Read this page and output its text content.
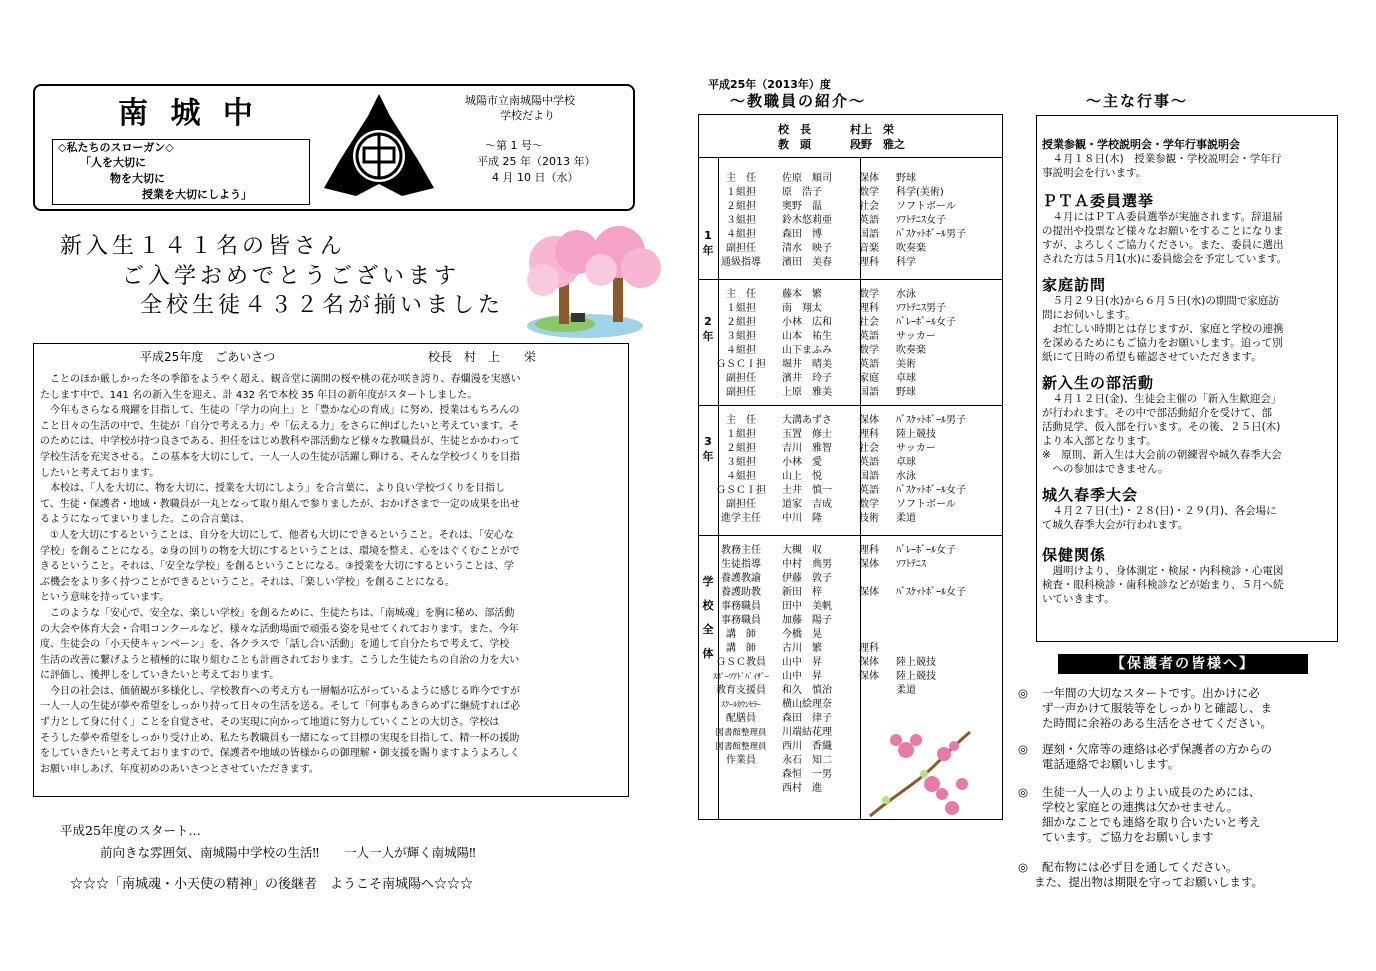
南 城 中
◇私たちのスローガン◇
「人を大切に
物を大切に
授業を大切にしよう」
城陽市立南城陽中学校
学校だより
～第 1 号～
平成 25 年（2013 年）
4 月 10 日（水）
新入生１４１名の皆さん
ご入学おめでとうございます
全校生徒４３２名が揃いました
平成25年度　ごあいさつ	校長　村　上　　栄
　ことのほか厳しかった冬の季節をようやく超え、観音堂に満開の桜や桃の花が咲き誇り、春爛漫を実感い
たします中で、141 名の新入生を迎え、計 432 名で本校 35 年目の新年度がスタートしました。
　今年もさらなる飛躍を目指して、生徒の「学力の向上」と「豊かな心の育成」に努め、授業はもちろんの
こと日々の生活の中で、生徒が「自分で考える力」や「伝える力」をさらに伸ばしたいと考えています。そ
のためには、中学校が持つ良さである、担任をはじめ教科や部活動など様々な教職員が、生徒とかかわって
学校生活を充実させる。この基本を大切にして、一人一人の生徒が活躍し輝ける、そんな学校づくりを目指
したいと考えております。
　本校は、「人を大切に、物を大切に、授業を大切にしよう」を合言葉に、より良い学校づくりを目指し
て、生徒・保護者・地域・教職員が一丸となって取り組んで参りましたが、おかげさまで一定の成果を出せ
るようになってまいりました。この合言葉は、
　①人を大切にするということは、自分を大切にして、他者も大切にできるということ。それは、「安心な
学校」を創ることになる。②身の回りの物を大切にするということは、環境を整え、心をはぐくむことがで
きるということ。それは、「安全な学校」を創るということになる。③授業を大切にするということは、学
ぶ機会をより多く持つことができるということ。それは、「楽しい学校」を創ることになる。
という意味を持っています。
　このような「安心で、安全な、楽しい学校」を創るために、生徒たちは、「南城魂」を胸に秘め、部活動
の大会や体育大会・合唱コンクールなど、様々な活動場面で頑張る姿を見せてくれております。また、今年
度、生徒会の「小天使キャンペーン」を、各クラスで「話し合い活動」を通して自分たちで考えて、学校
生活の改善に繋げようと積極的に取り組むことも計画されております。こうした生徒たちの自治の力を大い
に評価し、後押しをしていきたいと考えております。
　今日の社会は、価値観が多様化し、学校教育への考え方も一層幅が広がっているように感じる昨今ですが
一人一人の生徒が夢や希望をしっかり持って日々の生活を送る。そして「何事もあきらめずに継続すれば必
ず力として身に付く」ことを自覚させ、その実現に向かって地道に努力していくことの大切さ。学校は
そうした夢や希望をしっかり受け止め、私たち教職員も一緒になって目標の実現を目指して、精一杯の援助
をしていきたいと考えておりますので、保護者や地域の皆様からの御理解・御支援を賜りますようよろしく
お願い申しあげ、年度初めのあいさつとさせていただきます。
平成25年度のスタート…
前向きな雰囲気、南城陽中学校の生活‼　　一人一人が輝く南城陽‼
☆☆☆「南城魂・小天使の精神」の後継者　ようこそ南城陽へ☆☆☆
平成25年（2013年）度
～教職員の紹介～
校　長	村上　栄
教　頭	段野　雅之
1 年
主　任	佐原　順司	保体	野球
１組担	原　浩子	数学	科学(美術)
２組担	奥野　温	社会	ソフトボール
３組担	鈴木悠莉亜	英語	ｿﾌﾄﾃﾆｽ女子
４組担	森田　博	国語	ﾊﾞｽｹｯﾄﾎﾞｰﾙ男子
副担任	清水　映子	音楽	吹奏楽
通級指導	濱田　美春	理科	科学
2 年
主　任	藤本　繁	数学	水泳
１組担	南　翔太	理科	ｿﾌﾄﾃﾆｽ男子
２組担	小林　広和	社会	ﾊﾞﾚｰﾎﾞｰﾙ女子
３組担	山本　祐生	英語	サッカー
４組担	山下まふみ	数学	吹奏楽
ＧＳＣＩ担	堀井　晴美	英語	美術
副担任	濱井　玲子	家庭	卓球
副担任	上原　雅美	国語	野球
3 年
主　任	大溝あずさ	保体	ﾊﾞｽｹｯﾄﾎﾞｰﾙ男子
１組担	玉置　修士	理科	陸上競技
２組担	吉川　雅智	社会	サッカー
３組担	小林　愛	英語	卓球
４組担	山上　悦	国語	水泳
ＧＳＣＩ担	土井　慎一	英語	ﾊﾞｽｹｯﾄﾎﾞｰﾙ女子
副担任	道家　吉成	数学	ソフトボール
進学主任	中川　隆	技術	柔道
学校全体
教務主任	大槻　収	理科	ﾊﾞﾚｰﾎﾞｰﾙ女子
生徒指導	中村　典男	保体	ｿﾌﾄﾃﾆｽ
養護教諭	伊藤　敦子
養護助教	新田　梓	保体	ﾊﾞｽｹｯﾄﾎﾞｰﾙ女子
事務職員	田中　美帆
事務職員	加藤　陽子
講　師	今橋　晃
講　師	古川　繁	理科
ＧＳＣ教員	山中　昇	保体	陸上競技
ｽﾎﾟｰﾂｱﾄﾞﾊﾞｲｻﾞｰ	山中　昇	保体	陸上競技
教育支援員	和久　慎治	柔道
ｽｸｰﾙｶｳﾝｾﾗｰ	横山絵理奈
配膳員	森田　律子
図書館整理員	川端結花理
図書館整理員	西川　香織
作業員	永石　知二
森恒　一男
西村　進
～主な行事～
授業参観・学校説明会・学年行事説明会
　４月１８日(木)　授業参観・学校説明会・学年行
事説明会を行います。
ＰＴＡ委員選挙
　４月にはＰＴＡ委員選挙が実施されます。辞退届
の提出や投票など様々なお願いをすることになりま
すが、よろしくご協力ください。また、委員に選出
された方は５月1(水)に委員総会を予定しています。
家庭訪問
　５月２９日(水)から６月５日(水)の期間で家庭訪
問にお伺いします。
　お忙しい時期とは存じますが、家庭と学校の連携
を深めるためにもご協力をお願いします。追って別
紙にて日時の希望も確認させていただきます。
新入生の部活動
　４月１２日(金)、生徒会主催の「新入生歓迎会」
が行われます。その中で部活動紹介を受けて、部
活動見学、仮入部を行います。その後、２５日(木)
より本入部となります。
※　原則、新入生は大会前の朝練習や城久春季大会
　への参加はできません。
城久春季大会
　４月２７日(土)・２８(日)・２９(月)、各会場に
て城久春季大会が行われます。
保健関係
　週明けより、身体測定・検尿・内科検診・心電図
検査・眼科検診・歯科検診などが始まり、５月へ続
いていきます。
【保護者の皆様へ】
◎ 一年間の大切なスタートです。出かけに必
ず一声かけて服装等をしっかりと確認し、ま
た時間に余裕のある生活をさせてください。
◎ 遅刻・欠席等の連絡は必ず保護者の方からの
電話連絡でお願いします。
◎ 生徒一人一人のよりよい成長のためには、
学校と家庭との連携は欠かせません。
細かなことでも連絡を取り合いたいと考え
ています。ご協力をお願いします
◎ 配布物には必ず目を通してください。
また、提出物は期限を守ってお願いします。
